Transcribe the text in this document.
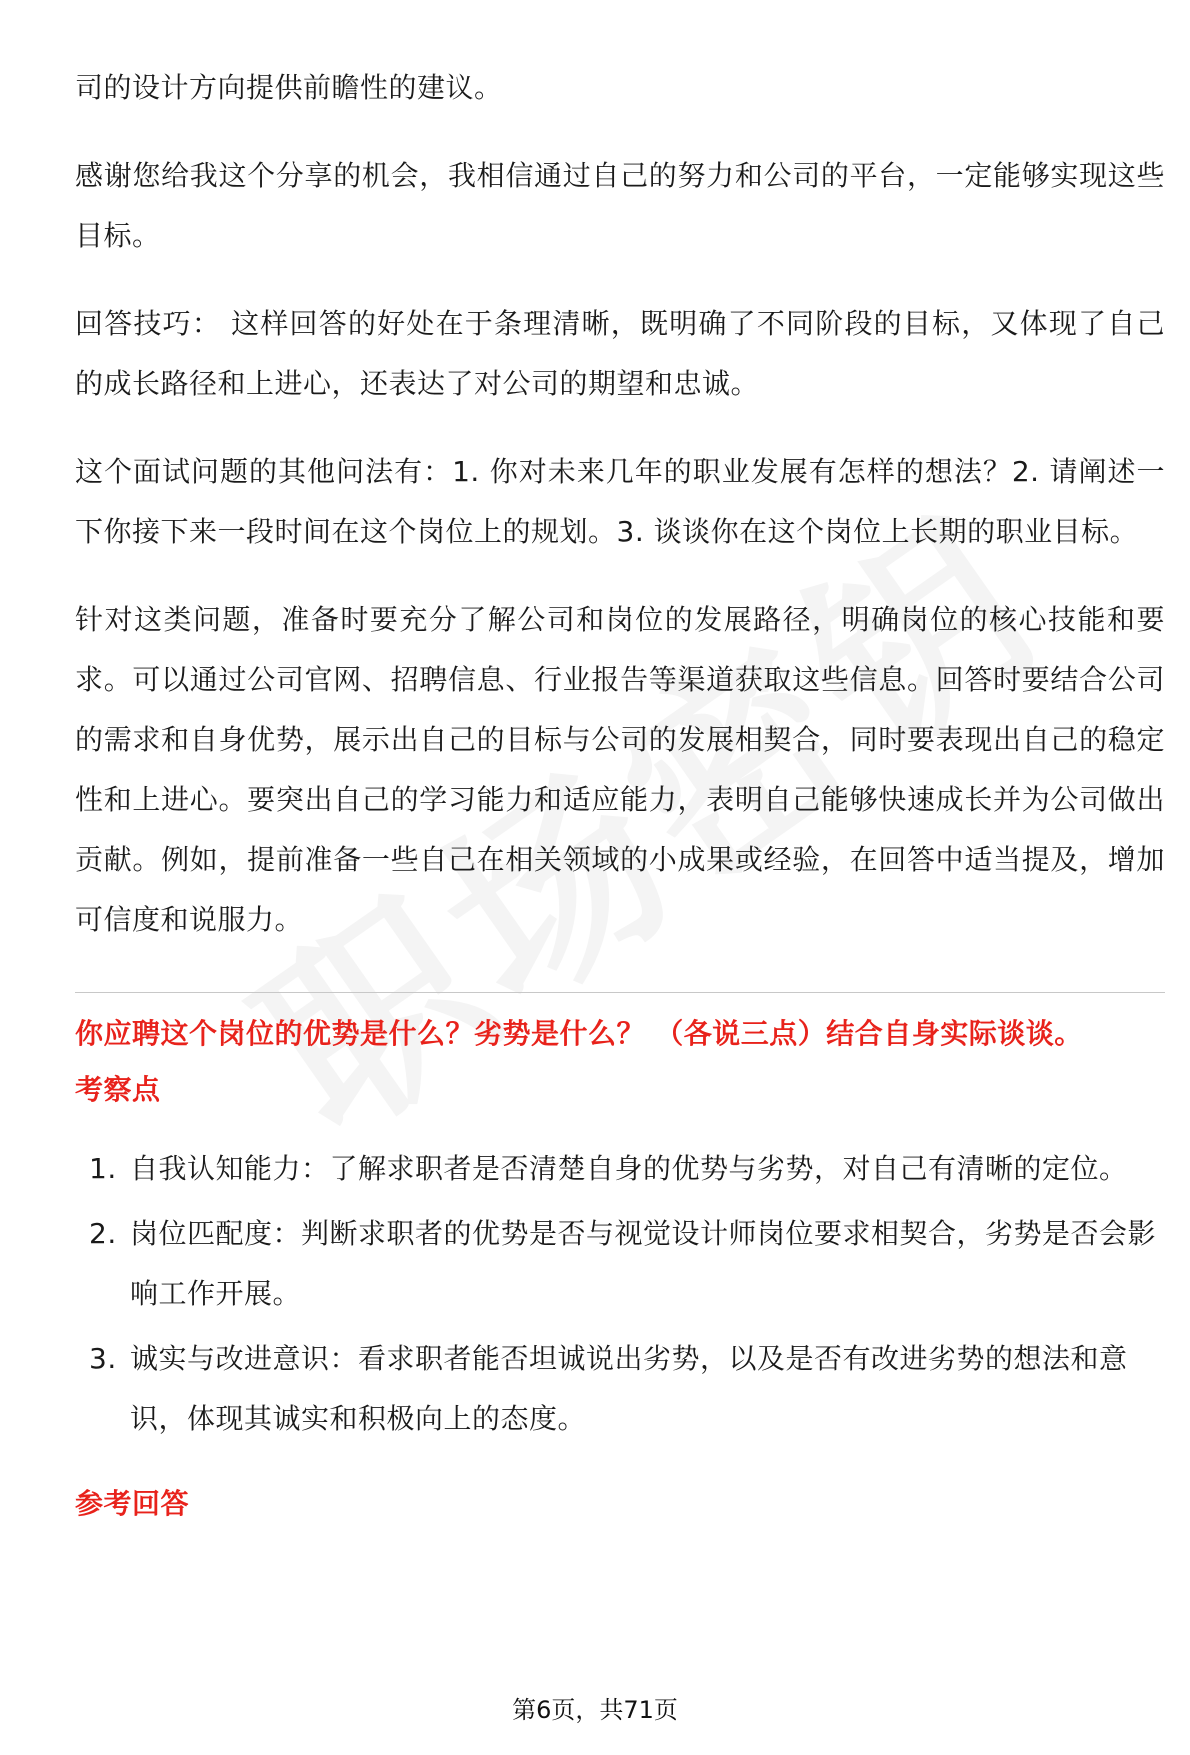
司的设计方向提供前瞻性的建议。

感谢您给我这个分享的机会，我相信通过自己的努力和公司的平台，一定能够实现这些目标。

回答技巧： 这样回答的好处在于条理清晰，既明确了不同阶段的目标，又体现了自己的成长路径和上进心，还表达了对公司的期望和忠诚。

这个面试问题的其他问法有：1. 你对未来几年的职业发展有怎样的想法？2. 请阐述一下你接下来一段时间在这个岗位上的规划。3. 谈谈你在这个岗位上长期的职业目标。

针对这类问题，准备时要充分了解公司和岗位的发展路径，明确岗位的核心技能和要求。可以通过公司官网、招聘信息、行业报告等渠道获取这些信息。回答时要结合公司的需求和自身优势，展示出自己的目标与公司的发展相契合，同时要表现出自己的稳定性和上进心。要突出自己的学习能力和适应能力，表明自己能够快速成长并为公司做出贡献。例如，提前准备一些自己在相关领域的小成果或经验，在回答中适当提及，增加可信度和说服力。

你应聘这个岗位的优势是什么？劣势是什么？ （各说三点）结合自身实际谈谈。

考察点

1. 自我认知能力：了解求职者是否清楚自身的优势与劣势，对自己有清晰的定位。
2. 岗位匹配度：判断求职者的优势是否与视觉设计师岗位要求相契合，劣势是否会影响工作开展。
3. 诚实与改进意识：看求职者能否坦诚说出劣势，以及是否有改进劣势的想法和意识，体现其诚实和积极向上的态度。

参考回答

第6页，共71页
